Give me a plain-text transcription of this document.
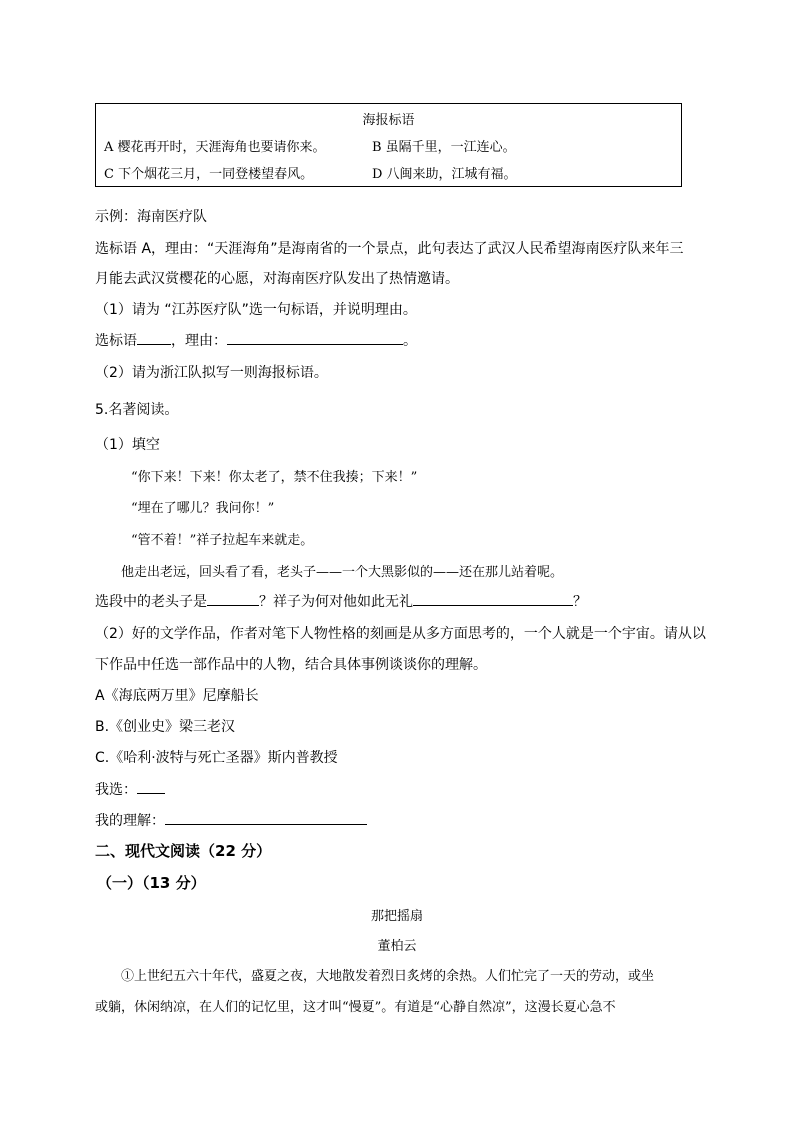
海报标语
A 樱花再开时，天涯海角也要请你来。	B 虽隔千里，一江连心。
C 下个烟花三月，一同登楼望春风。	D 八闽来助，江城有福。
示例：海南医疗队
选标语 A，理由：“天涯海角”是海南省的一个景点，此句表达了武汉人民希望海南医疗队来年三
月能去武汉赏樱花的心愿，对海南医疗队发出了热情邀请。
（1）请为 “江苏医疗队”选一句标语，并说明理由。
选标语 ，理由：	。
（2）请为浙江队拟写一则海报标语。
5.名著阅读。
（1）填空
“你下来！下来！你太老了，禁不住我揍；下来！”
“埋在了哪儿？我问你！”
“管不着！”祥子拉起车来就走。
他走出老远，回头看了看，老头子——一个大黑影似的——还在那儿站着呢。
选段中的老头子是	？祥子为何对他如此无礼	？
（2）好的文学作品，作者对笔下人物性格的刻画是从多方面思考的，一个人就是一个宇宙。请从以
下作品中任选一部作品中的人物，结合具体事例谈谈你的理解。
A《海底两万里》尼摩船长
B.《创业史》梁三老汉
C.《哈利·波特与死亡圣器》斯内普教授
我选：
我的理解：
二、现代文阅读（22 分）
（一）（13 分）
那把摇扇
董柏云
①上世纪五六十年代，盛夏之夜，大地散发着烈日炙烤的余热。人们忙完了一天的劳动，或坐
或躺，休闲纳凉，在人们的记忆里，这才叫“慢夏”。有道是“心静自然凉”，这漫长夏心急不
